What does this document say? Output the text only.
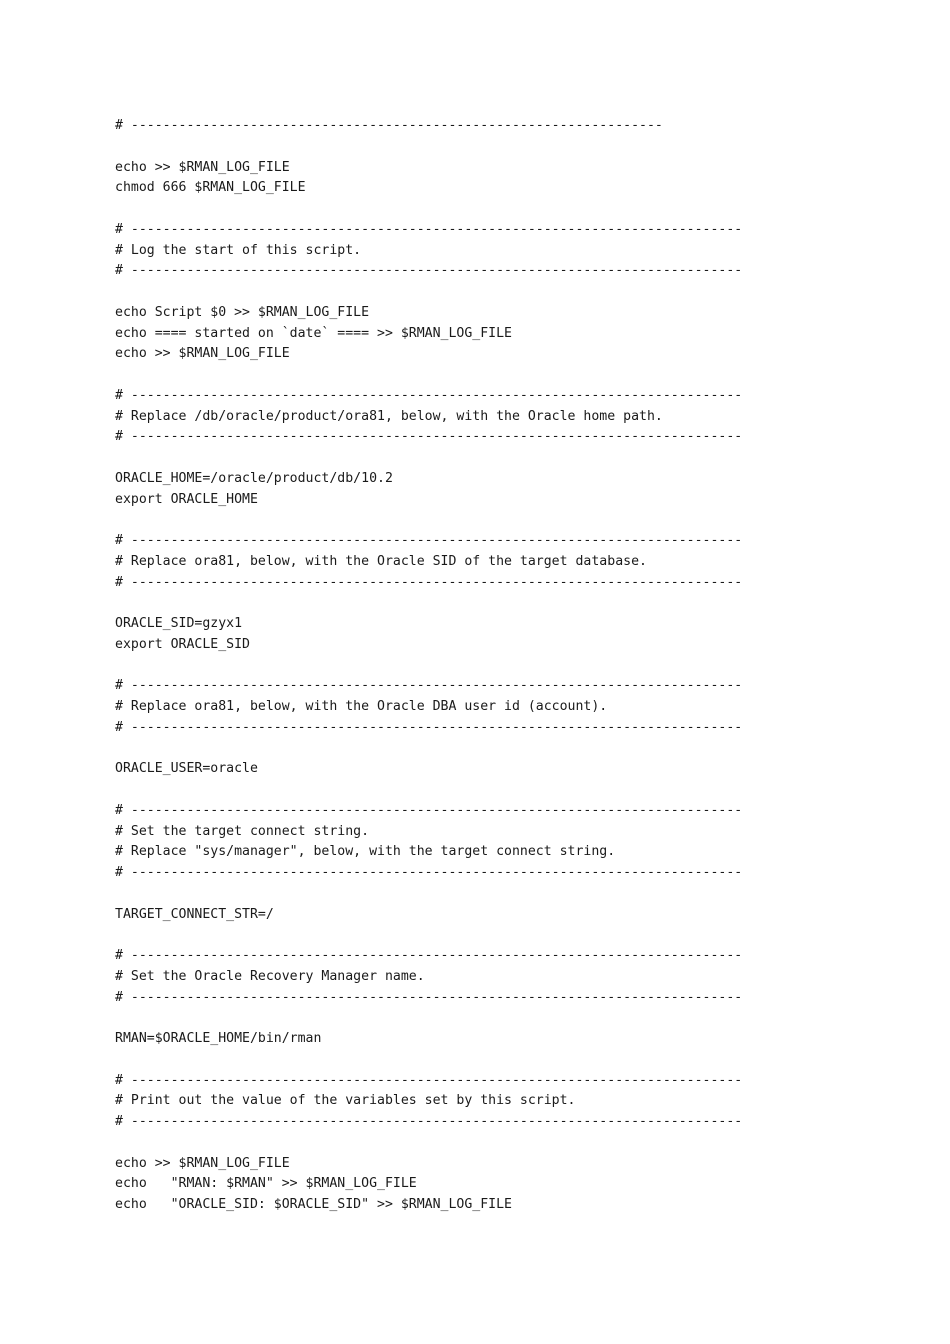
# -------------------------------------------------------------------
echo >> $RMAN_LOG_FILE
chmod 666 $RMAN_LOG_FILE
# -----------------------------------------------------------------------------
# Log the start of this script.
# -----------------------------------------------------------------------------
echo Script $0 >> $RMAN_LOG_FILE
echo ==== started on `date` ==== >> $RMAN_LOG_FILE
echo >> $RMAN_LOG_FILE
# -----------------------------------------------------------------------------
# Replace /db/oracle/product/ora81, below, with the Oracle home path.
# -----------------------------------------------------------------------------
ORACLE_HOME=/oracle/product/db/10.2
export ORACLE_HOME
# -----------------------------------------------------------------------------
# Replace ora81, below, with the Oracle SID of the target database.
# -----------------------------------------------------------------------------
ORACLE_SID=gzyx1
export ORACLE_SID
# -----------------------------------------------------------------------------
# Replace ora81, below, with the Oracle DBA user id (account).
# -----------------------------------------------------------------------------
ORACLE_USER=oracle
# -----------------------------------------------------------------------------
# Set the target connect string.
# Replace "sys/manager", below, with the target connect string.
# -----------------------------------------------------------------------------
TARGET_CONNECT_STR=/
# -----------------------------------------------------------------------------
# Set the Oracle Recovery Manager name.
# -----------------------------------------------------------------------------
RMAN=$ORACLE_HOME/bin/rman
# -----------------------------------------------------------------------------
# Print out the value of the variables set by this script.
# -----------------------------------------------------------------------------
echo >> $RMAN_LOG_FILE
echo   "RMAN: $RMAN" >> $RMAN_LOG_FILE
echo   "ORACLE_SID: $ORACLE_SID" >> $RMAN_LOG_FILE
